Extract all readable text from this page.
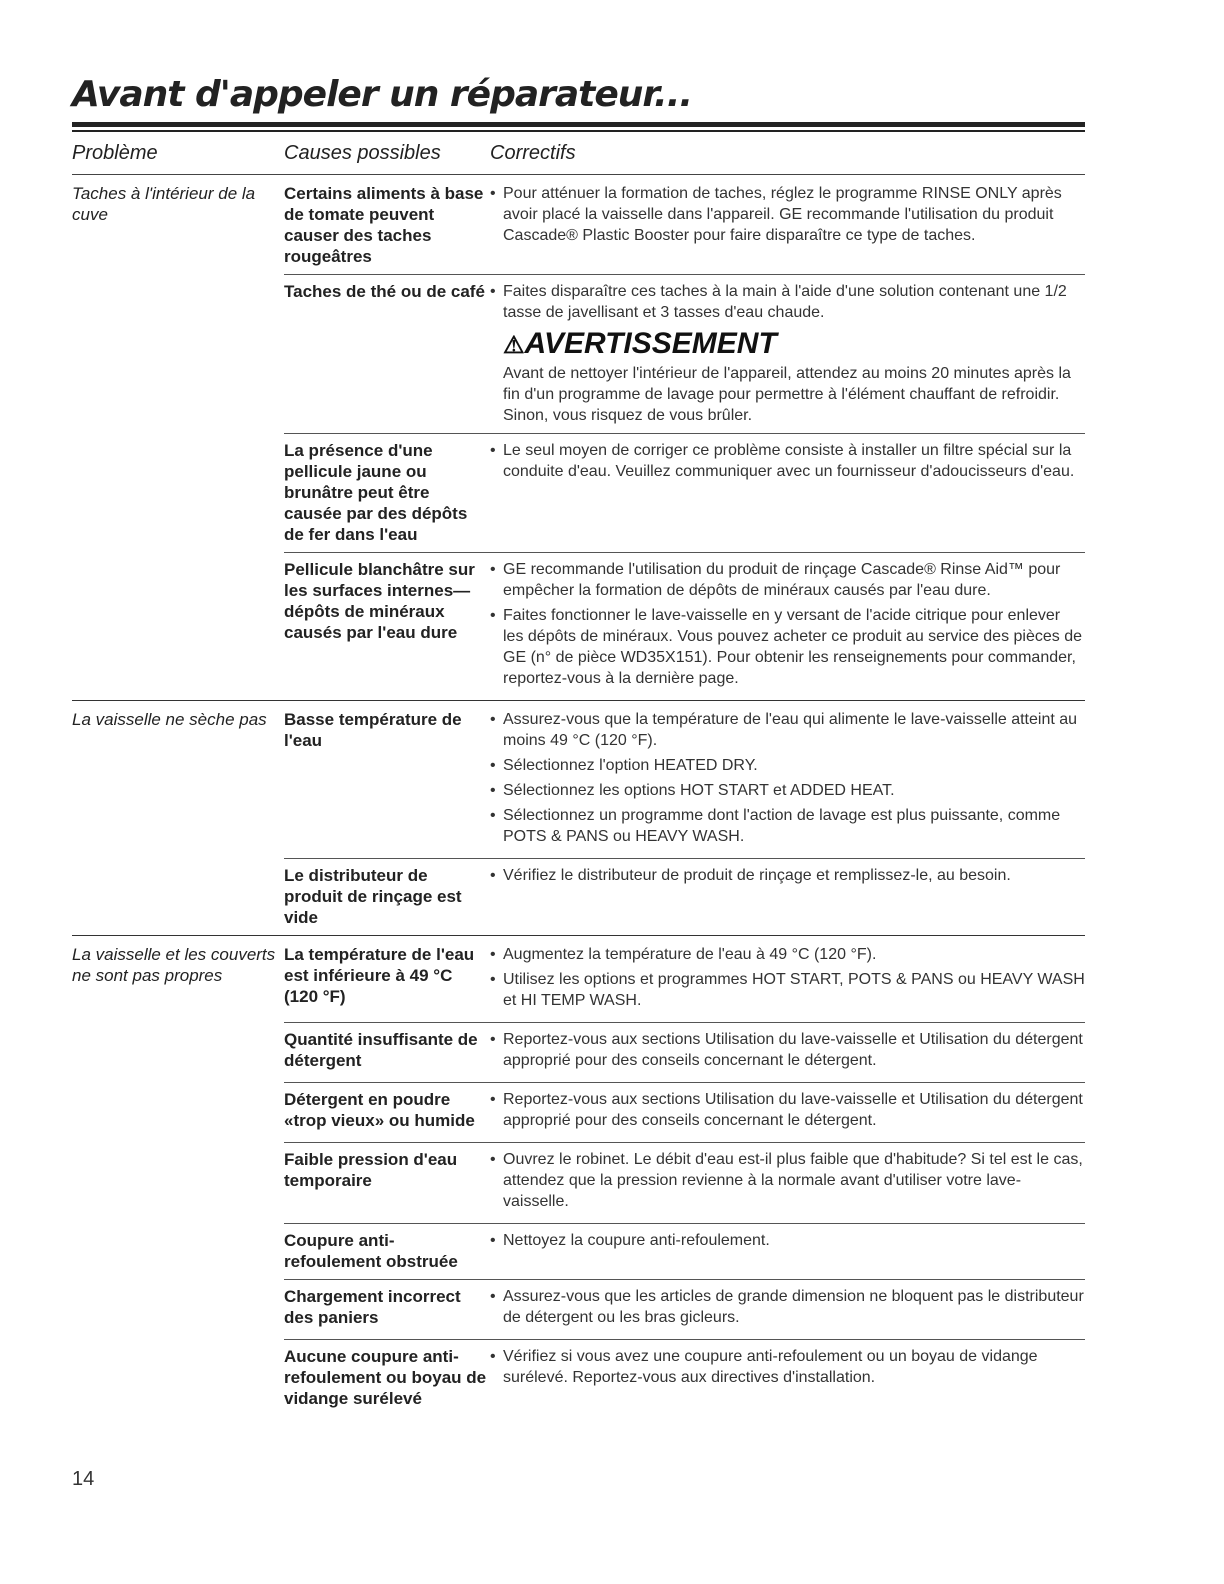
Avant d'appeler un réparateur...
Problème	Causes possibles	Correctifs
Taches à l'intérieur de la cuve
Certains aliments à base de tomate peuvent causer des taches rougeâtres
• Pour atténuer la formation de taches, réglez le programme RINSE ONLY après avoir placé la vaisselle dans l'appareil. GE recommande l'utilisation du produit Cascade® Plastic Booster pour faire disparaître ce type de taches.
Taches de thé ou de café
•	Faites disparaître ces taches à la main à l'aide d'une solution contenant une 1/2 tasse de javellisant et 3 tasses d'eau chaude.
⚠AVERTISSEMENT
Avant de nettoyer l'intérieur de l'appareil, attendez au moins 20 minutes après la fin d'un programme de lavage pour permettre à l'élément chauffant de refroidir. Sinon, vous risquez de vous brûler.
La présence d'une pellicule jaune ou brunâtre peut être causée par des dépôts de fer dans l'eau
• Le seul moyen de corriger ce problème consiste à installer un filtre spécial sur la conduite d'eau. Veuillez communiquer avec un fournisseur d'adoucisseurs d'eau.
Pellicule blanchâtre sur les surfaces internes—dépôts de minéraux causés par l'eau dure
• GE recommande l'utilisation du produit de rinçage Cascade® Rinse Aid™ pour empêcher la formation de dépôts de minéraux causés par l'eau dure.
• Faites fonctionner le lave-vaisselle en y versant de l'acide citrique pour enlever les dépôts de minéraux. Vous pouvez acheter ce produit au service des pièces de GE (n° de pièce WD35X151). Pour obtenir les renseignements pour commander, reportez-vous à la dernière page.
La vaisselle ne sèche pas	Basse température de l'eau
• Assurez-vous que la température de l'eau qui alimente le lave-vaisselle atteint au moins 49 °C (120 °F).
• Sélectionnez l'option HEATED DRY.
• Sélectionnez les options HOT START et ADDED HEAT.
• Sélectionnez un programme dont l'action de lavage est plus puissante, comme POTS & PANS ou HEAVY WASH.
Le distributeur de produit de rinçage est vide
• Vérifiez le distributeur de produit de rinçage et remplissez-le, au besoin.
La vaisselle et les couverts ne sont pas propres
La température de l'eau est inférieure à 49 °C (120 °F)
• Augmentez la température de l'eau à 49 °C (120 °F).
• Utilisez les options et programmes HOT START, POTS & PANS ou HEAVY WASH et HI TEMP WASH.
Quantité insuffisante de détergent
• Reportez-vous aux sections Utilisation du lave-vaisselle et Utilisation du détergent approprié pour des conseils concernant le détergent.
Détergent en poudre «trop vieux» ou humide
• Reportez-vous aux sections Utilisation du lave-vaisselle et Utilisation du détergent approprié pour des conseils concernant le détergent.
Faible pression d'eau temporaire
• Ouvrez le robinet. Le débit d'eau est-il plus faible que d'habitude? Si tel est le cas, attendez que la pression revienne à la normale avant d'utiliser votre lave-vaisselle.
Coupure anti-refoulement obstruée
• Nettoyez la coupure anti-refoulement.
Chargement incorrect des paniers
• Assurez-vous que les articles de grande dimension ne bloquent pas le distributeur de détergent ou les bras gicleurs.
Aucune coupure anti-refoulement ou boyau de vidange surélevé
• Vérifiez si vous avez une coupure anti-refoulement ou un boyau de vidange surélevé. Reportez-vous aux directives d'installation.
14
